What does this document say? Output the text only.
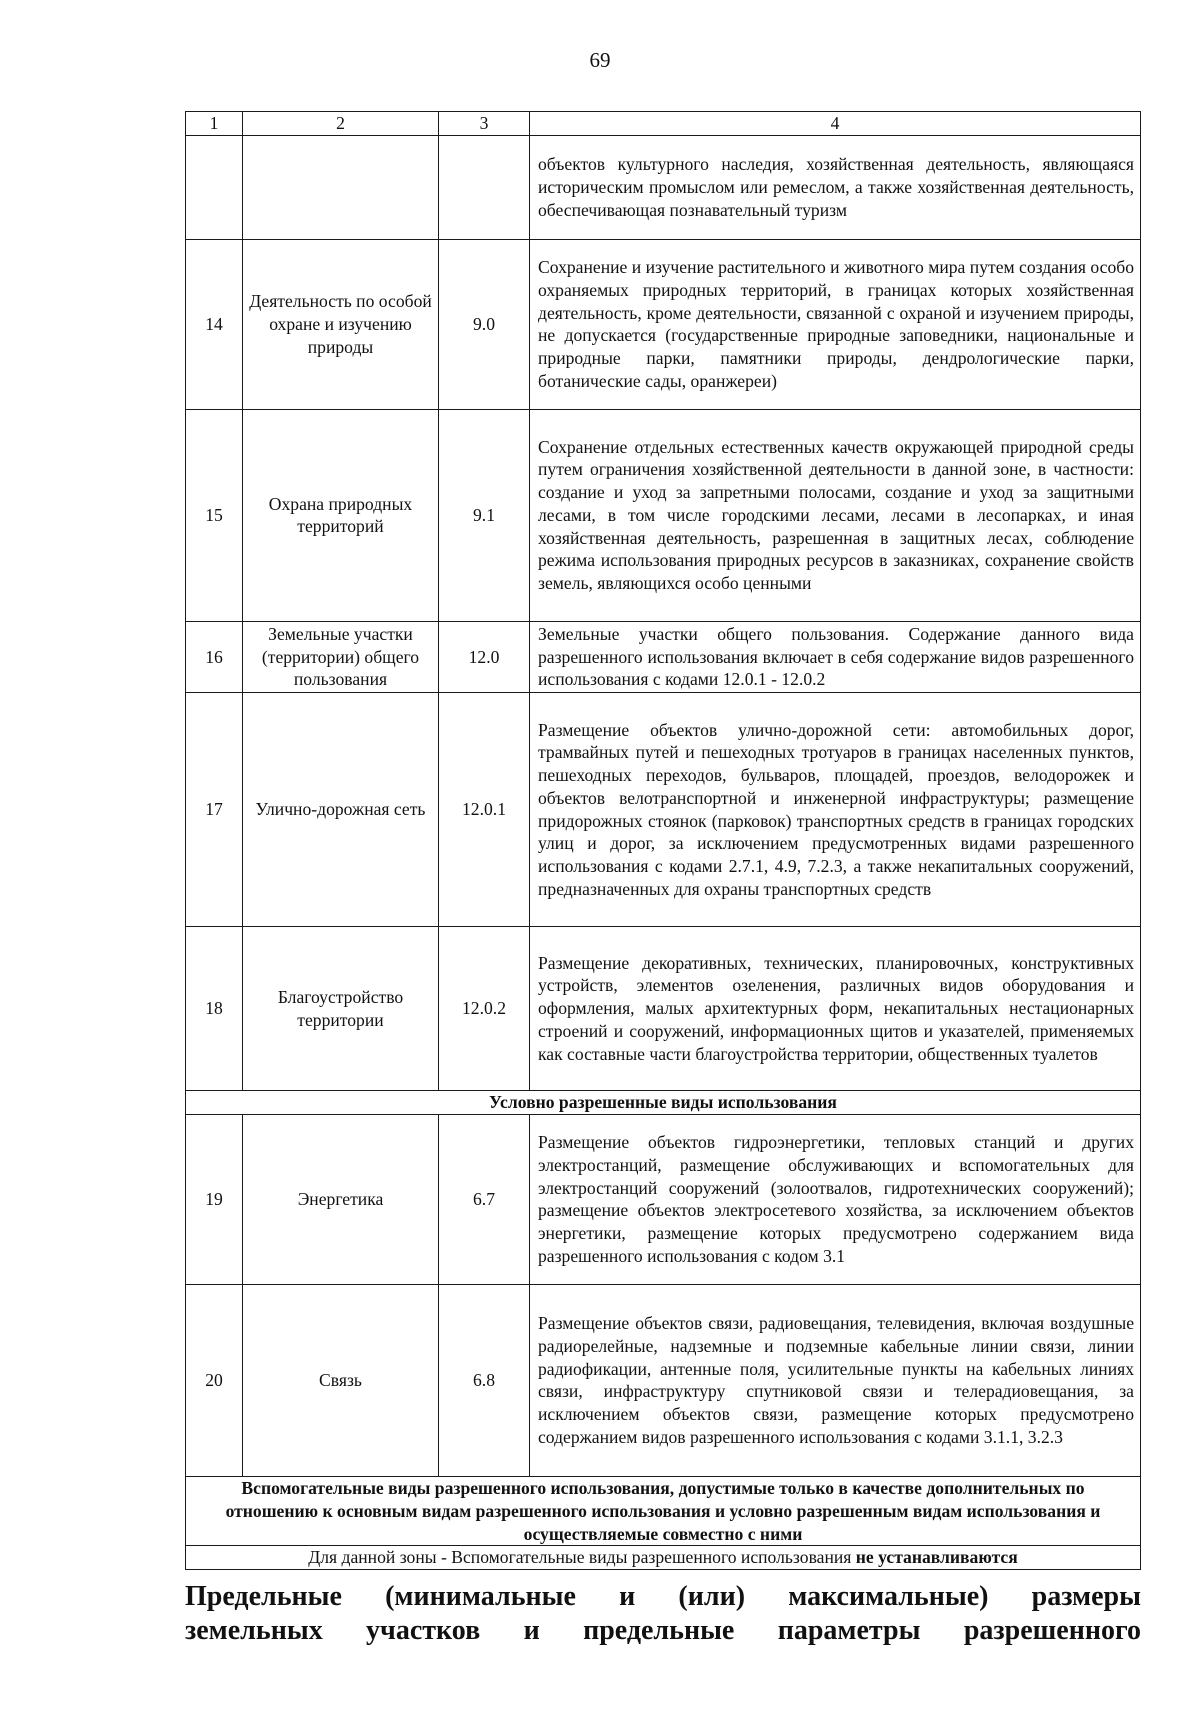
69
1	2	3	4
			объектов культурного наследия, хозяйственная деятельность, являющаяся историческим промыслом или ремеслом, а также хозяйственная деятельность, обеспечивающая познавательный туризм
14	Деятельность по особой охране и изучению природы	9.0	Сохранение и изучение растительного и животного мира путем создания особо охраняемых природных территорий, в границах которых хозяйственная деятельность, кроме деятельности, связанной с охраной и изучением природы, не допускается (государственные природные заповедники, национальные и природные парки, памятники природы, дендрологические парки, ботанические сады, оранжереи)
15	Охрана природных территорий	9.1	Сохранение отдельных естественных качеств окружающей природной среды путем ограничения хозяйственной деятельности в данной зоне, в частности: создание и уход за запретными полосами, создание и уход за защитными лесами, в том числе городскими лесами, лесами в лесопарках, и иная хозяйственная деятельность, разрешенная в защитных лесах, соблюдение режима использования природных ресурсов в заказниках, сохранение свойств земель, являющихся особо ценными
16	Земельные участки (территории) общего пользования	12.0	Земельные участки общего пользования. Содержание данного вида разрешенного использования включает в себя содержание видов разрешенного использования с кодами 12.0.1 - 12.0.2
17	Улично-дорожная сеть	12.0.1	Размещение объектов улично-дорожной сети: автомобильных дорог, трамвайных путей и пешеходных тротуаров в границах населенных пунктов, пешеходных переходов, бульваров, площадей, проездов, велодорожек и объектов велотранспортной и инженерной инфраструктуры; размещение придорожных стоянок (парковок) транспортных средств в границах городских улиц и дорог, за исключением предусмотренных видами разрешенного использования с кодами 2.7.1, 4.9, 7.2.3, а также некапитальных сооружений, предназначенных для охраны транспортных средств
18	Благоустройство территории	12.0.2	Размещение декоративных, технических, планировочных, конструктивных устройств, элементов озеленения, различных видов оборудования и оформления, малых архитектурных форм, некапитальных нестационарных строений и сооружений, информационных щитов и указателей, применяемых как составные части благоустройства территории, общественных туалетов
Условно разрешенные виды использования			
19	Энергетика	6.7	Размещение объектов гидроэнергетики, тепловых станций и других электростанций, размещение обслуживающих и вспомогательных для электростанций сооружений (золоотвалов, гидротехнических сооружений); размещение объектов электросетевого хозяйства, за исключением объектов энергетики, размещение которых предусмотрено содержанием вида разрешенного использования с кодом 3.1
20	Связь	6.8	Размещение объектов связи, радиовещания, телевидения, включая воздушные радиорелейные, надземные и подземные кабельные линии связи, линии радиофикации, антенные поля, усилительные пункты на кабельных линиях связи, инфраструктуру спутниковой связи и телерадиовещания, за исключением объектов связи, размещение которых предусмотрено содержанием видов разрешенного использования с кодами 3.1.1, 3.2.3
Вспомогательные виды разрешенного использования, допустимые только в качестве дополнительных по отношению к основным видам разрешенного использования и условно разрешенным видам использования и осуществляемые совместно с ними			
Для данной зоны - Вспомогательные виды разрешенного использования не устанавливаются			
Предельные (минимальные и (или) максимальные) размеры
земельных участков и предельные параметры разрешенного
